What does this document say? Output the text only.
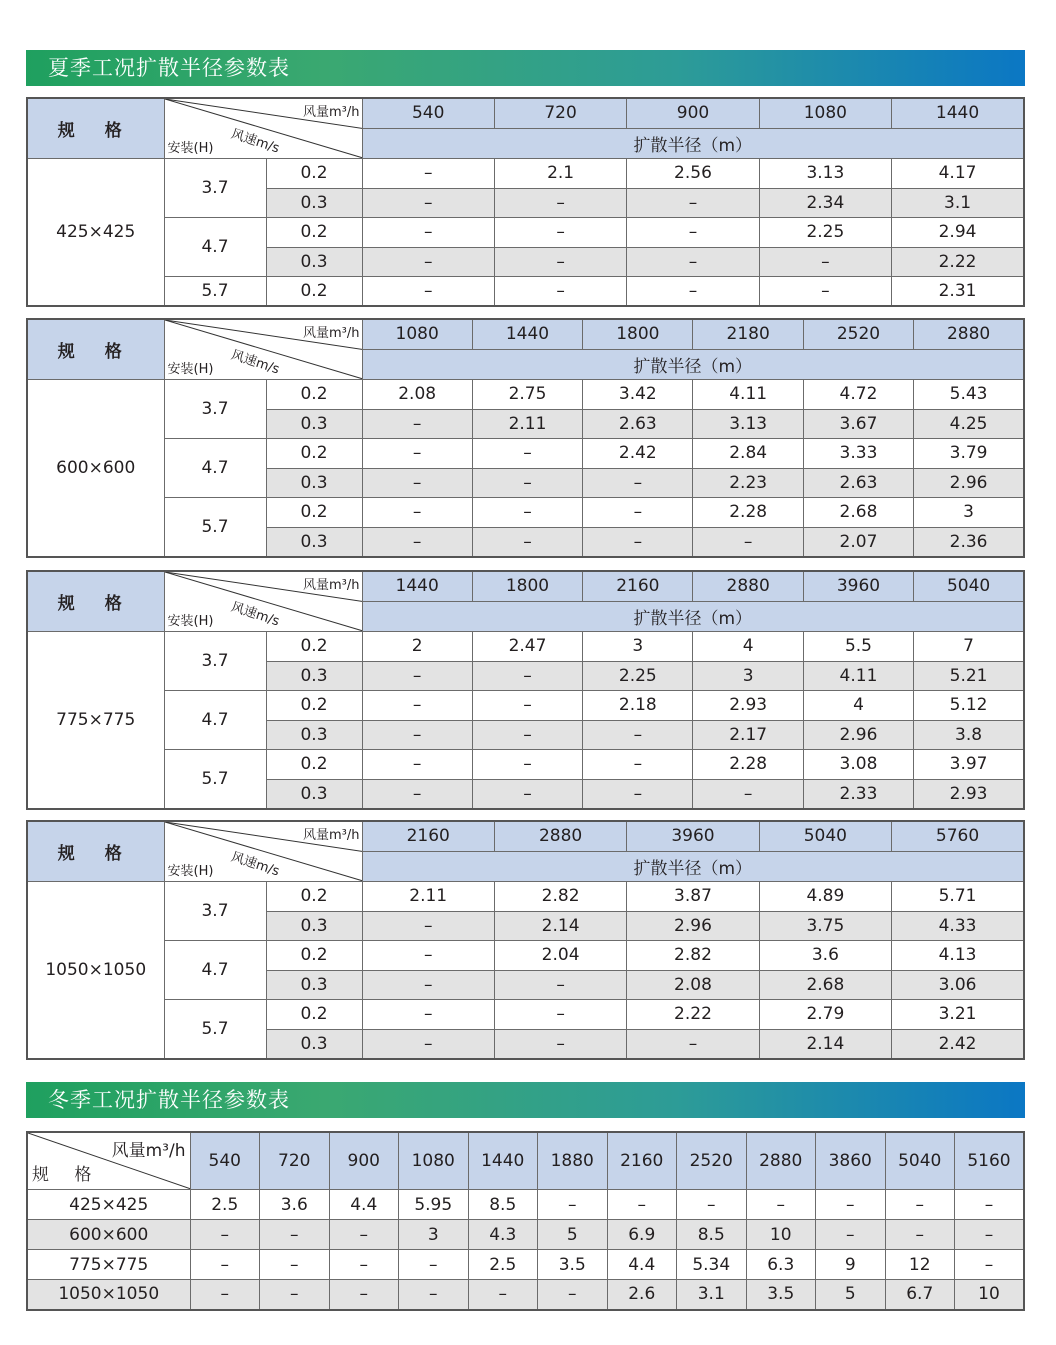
夏季工况扩散半径参数表
规 格	风量m³/h
风速m/s
安装(H)		540	720	900	1080	1440
			扩散半径（m）				
425×425	3.7	0.2	–	2.1	2.56	3.13	4.17
		0.3	–	–	–	2.34	3.1
	4.7	0.2	–	–	–	2.25	2.94
		0.3	–	–	–	–	2.22
	5.7	0.2	–	–	–	–	2.31
规 格	风量m³/h
风速m/s
安装(H)		1080	1440	1800	2180	2520	2880
			扩散半径（m）					
600×600	3.7	0.2	2.08	2.75	3.42	4.11	4.72	5.43
		0.3	–	2.11	2.63	3.13	3.67	4.25
	4.7	0.2	–	–	2.42	2.84	3.33	3.79
		0.3	–	–	–	2.23	2.63	2.96
	5.7	0.2	–	–	–	2.28	2.68	3
		0.3	–	–	–	–	2.07	2.36
规 格	风量m³/h
风速m/s
安装(H)		1440	1800	2160	2880	3960	5040
			扩散半径（m）					
775×775	3.7	0.2	2	2.47	3	4	5.5	7
		0.3	–	–	2.25	3	4.11	5.21
	4.7	0.2	–	–	2.18	2.93	4	5.12
		0.3	–	–	–	2.17	2.96	3.8
	5.7	0.2	–	–	–	2.28	3.08	3.97
		0.3	–	–	–	–	2.33	2.93
规 格	风量m³/h
风速m/s
安装(H)		2160	2880	3960	5040	5760
			扩散半径（m）				
1050×1050	3.7	0.2	2.11	2.82	3.87	4.89	5.71
		0.3	–	2.14	2.96	3.75	4.33
	4.7	0.2	–	2.04	2.82	3.6	4.13
		0.3	–	–	2.08	2.68	3.06
	5.7	0.2	–	–	2.22	2.79	3.21
		0.3	–	–	–	2.14	2.42
冬季工况扩散半径参数表
风量m³/h
规 格	540	720	900	1080	1440	1880	2160	2520	2880	3860	5040	5160
425×425	2.5	3.6	4.4	5.95	8.5	–	–	–	–	–	–	–
600×600	–	–	–	3	4.3	5	6.9	8.5	10	–	–	–
775×775	–	–	–	–	2.5	3.5	4.4	5.34	6.3	9	12	–
1050×1050	–	–	–	–	–	–	2.6	3.1	3.5	5	6.7	10
